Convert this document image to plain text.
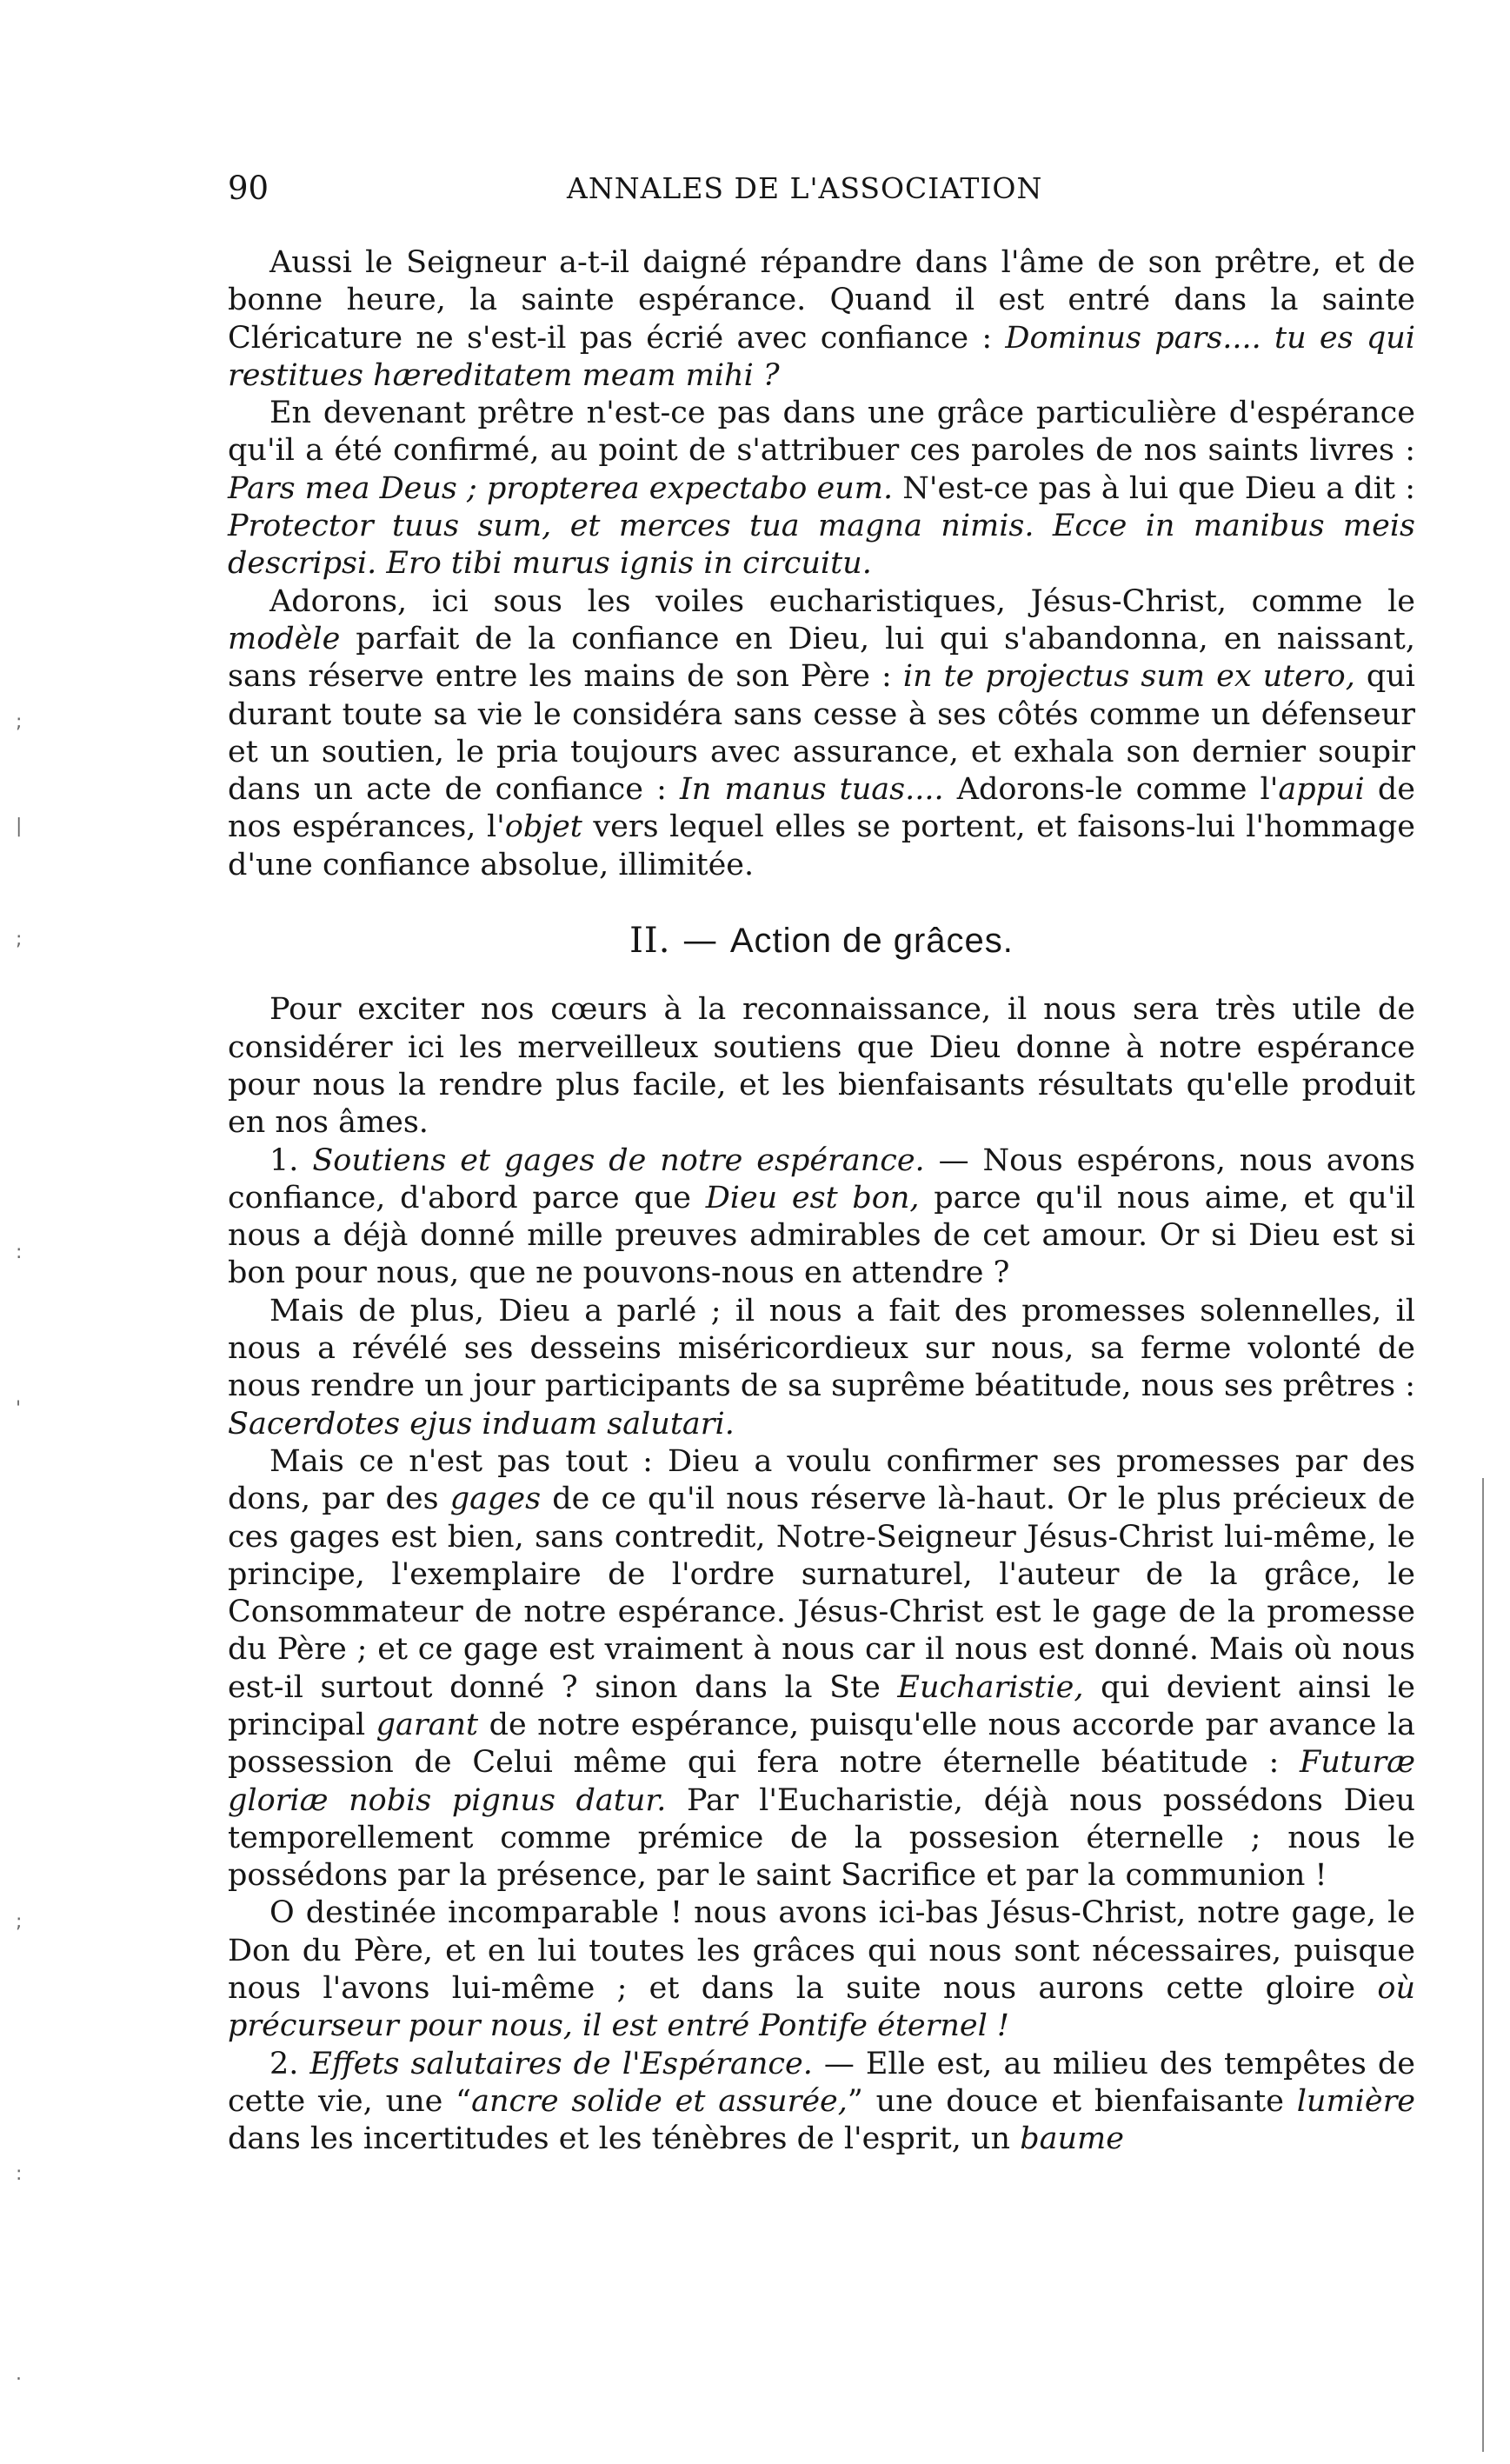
;
|
;
:
'
;
:
.
90	ANNALES DE L'ASSOCIATION

Aussi le Seigneur a-t-il daigné répandre dans l'âme de son prêtre, et de bonne heure, la sainte espérance. Quand il est entré dans la sainte Cléricature ne s'est-il pas écrié avec confiance : Dominus pars.... tu es qui restitues hæreditatem meam mihi ?

En devenant prêtre n'est-ce pas dans une grâce particulière d'espérance qu'il a été confirmé, au point de s'attribuer ces paroles de nos saints livres : Pars mea Deus ; propterea expectabo eum. N'est-ce pas à lui que Dieu a dit : Protector tuus sum, et merces tua magna nimis. Ecce in manibus meis descripsi. Ero tibi murus ignis in circuitu.

Adorons, ici sous les voiles eucharistiques, Jésus-Christ, comme le modèle parfait de la confiance en Dieu, lui qui s'abandonna, en naissant, sans réserve entre les mains de son Père : in te projectus sum ex utero, qui durant toute sa vie le considéra sans cesse à ses côtés comme un défenseur et un soutien, le pria toujours avec assurance, et exhala son dernier soupir dans un acte de confiance : In manus tuas.... Adorons-le comme l'appui de nos espérances, l'objet vers lequel elles se portent, et faisons-lui l'hommage d'une confiance absolue, illimitée.

II. — Action de grâces.

Pour exciter nos cœurs à la reconnaissance, il nous sera très utile de considérer ici les merveilleux soutiens que Dieu donne à notre espérance pour nous la rendre plus facile, et les bienfaisants résultats qu'elle produit en nos âmes.

1. Soutiens et gages de notre espérance. — Nous espérons, nous avons confiance, d'abord parce que Dieu est bon, parce qu'il nous aime, et qu'il nous a déjà donné mille preuves admirables de cet amour. Or si Dieu est si bon pour nous, que ne pouvons-nous en attendre ?

Mais de plus, Dieu a parlé ; il nous a fait des promesses solennelles, il nous a révélé ses desseins miséricordieux sur nous, sa ferme volonté de nous rendre un jour participants de sa suprême béatitude, nous ses prêtres : Sacerdotes ejus induam salutari.

Mais ce n'est pas tout : Dieu a voulu confirmer ses promesses par des dons, par des gages de ce qu'il nous réserve là-haut. Or le plus précieux de ces gages est bien, sans contredit, Notre-Seigneur Jésus-Christ lui-même, le principe, l'exemplaire de l'ordre surnaturel, l'auteur de la grâce, le Consommateur de notre espérance. Jésus-Christ est le gage de la promesse du Père ; et ce gage est vraiment à nous car il nous est donné. Mais où nous est-il surtout donné ? sinon dans la Ste Eucharistie, qui devient ainsi le principal garant de notre espérance, puisqu'elle nous accorde par avance la possession de Celui même qui fera notre éternelle béatitude : Futuræ gloriæ nobis pignus datur. Par l'Eucharistie, déjà nous possédons Dieu temporellement comme prémice de la possesion éternelle ; nous le possédons par la présence, par le saint Sacrifice et par la communion !

O destinée incomparable ! nous avons ici-bas Jésus-Christ, notre gage, le Don du Père, et en lui toutes les grâces qui nous sont nécessaires, puisque nous l'avons lui-même ; et dans la suite nous aurons cette gloire où précurseur pour nous, il est entré Pontife éternel !

2. Effets salutaires de l'Espérance. — Elle est, au milieu des tempêtes de cette vie, une “ancre solide et assurée,” une douce et bienfaisante lumière dans les incertitudes et les ténèbres de l'esprit, un baume
